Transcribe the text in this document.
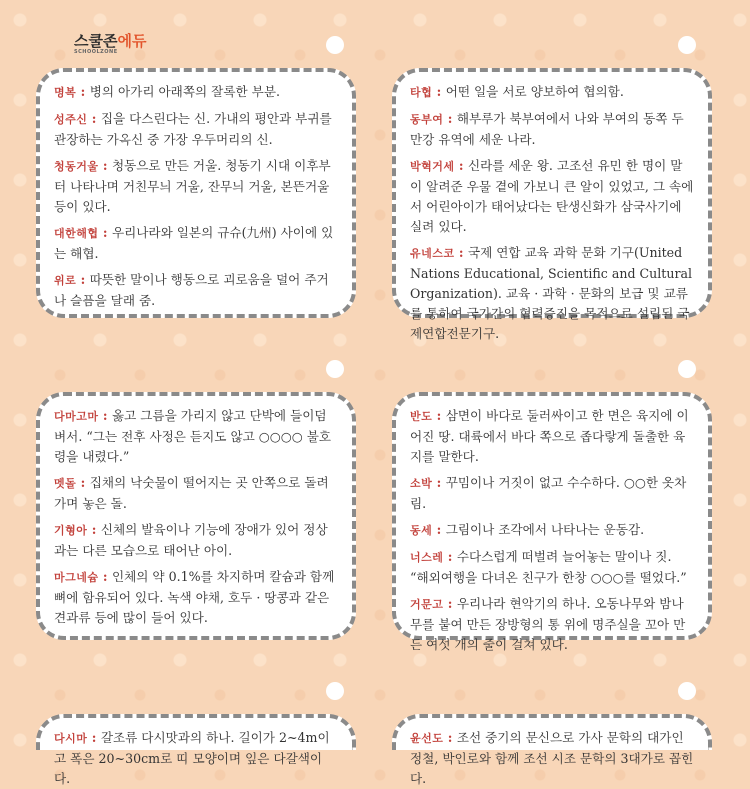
스쿨존에듀
SCHOOLZONE
명복 : 병의 아가리 아래쪽의 잘록한 부분.
성주신 : 집을 다스린다는 신. 가내의 평안과 부귀를 관장하는 가옥신 중 가장 우두머리의 신.
청동거울 : 청동으로 만든 거울. 청동기 시대 이후부터 나타나며 거친무늬 거울, 잔무늬 거울, 본뜬거울 등이 있다.
대한해협 : 우리나라와 일본의 규슈(九州) 사이에 있는 해협.
위로 : 따뜻한 말이나 행동으로 괴로움을 덜어 주거나 슬픔을 달래 줌.
타협 : 어떤 일을 서로 양보하여 협의함.
동부여 : 해부루가 북부여에서 나와 부여의 동쪽 두만강 유역에 세운 나라.
박혁거세 : 신라를 세운 왕. 고조선 유민 한 명이 말이 알려준 우물 곁에 가보니 큰 알이 있었고, 그 속에서 어린아이가 태어났다는 탄생신화가 삼국사기에 실려 있다.
유네스코 : 국제 연합 교육 과학 문화 기구(United Nations Educational, Scientific and Cultural Organization). 교육 · 과학 · 문화의 보급 및 교류를 통하여 국가간의 협력증진을 목적으로 설립된 국제연합전문기구.
다마고마 : 옳고 그름을 가리지 않고 단박에 들이덤벼서. “그는 전후 사정은 듣지도 않고 ○○○○ 불호령을 내렸다.”
멧돌 : 집채의 낙숫물이 떨어지는 곳 안쪽으로 돌려 가며 놓은 돌.
기형아 : 신체의 발육이나 기능에 장애가 있어 정상과는 다른 모습으로 태어난 아이.
마그네슘 : 인체의 약 0.1%를 차지하며 칼슘과 함께 뼈에 함유되어 있다. 녹색 야채, 호두 · 땅콩과 같은 견과류 등에 많이 들어 있다.
반도 : 삼면이 바다로 둘러싸이고 한 면은 육지에 이어진 땅. 대륙에서 바다 쪽으로 좁다랗게 돌출한 육지를 말한다.
소박 : 꾸밈이나 거짓이 없고 수수하다. ○○한 옷차림.
동세 : 그림이나 조각에서 나타나는 운동감.
너스레 : 수다스럽게 떠벌려 늘어놓는 말이나 짓. “해외여행을 다녀온 친구가 한창 ○○○를 떨었다.”
거문고 : 우리나라 현악기의 하나. 오동나무와 밤나무를 붙여 만든 장방형의 통 위에 명주실을 꼬아 만든 여섯 개의 줄이 걸쳐 있다.
다시마 : 갈조류 다시맛과의 하나. 길이가 2~4m이고 폭은 20~30cm로 띠 모양이며 잎은 다갈색이다.
윤선도 : 조선 중기의 문신으로 가사 문학의 대가인 정철, 박인로와 함께 조선 시조 문학의 3대가로 꼽힌다.
